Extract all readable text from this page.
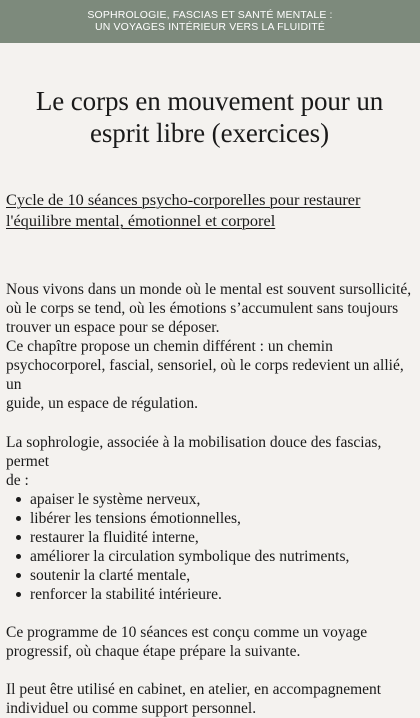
SOPHROLOGIE, FASCIAS ET SANTÉ MENTALE :
UN VOYAGES INTÉRIEUR VERS LA FLUIDITÉ
Le corps en mouvement pour un
esprit libre (exercices)

Cycle de 10 séances psycho-corporelles pour restaurer
l'équilibre mental, émotionnel et corporel

Nous vivons dans un monde où le mental est souvent sursollicité,
où le corps se tend, où les émotions s’accumulent sans toujours
trouver un espace pour se déposer.
Ce chapître propose un chemin différent : un chemin
psychocorporel, fascial, sensoriel, où le corps redevient un allié, un
guide, un espace de régulation.

La sophrologie, associée à la mobilisation douce des fascias, permet
de :

apaiser le système nerveux,
libérer les tensions émotionnelles,
restaurer la fluidité interne,
améliorer la circulation symbolique des nutriments,
soutenir la clarté mentale,
renforcer la stabilité intérieure.

Ce programme de 10 séances est conçu comme un voyage
progressif, où chaque étape prépare la suivante.

Il peut être utilisé en cabinet, en atelier, en accompagnement
individuel ou comme support personnel.
